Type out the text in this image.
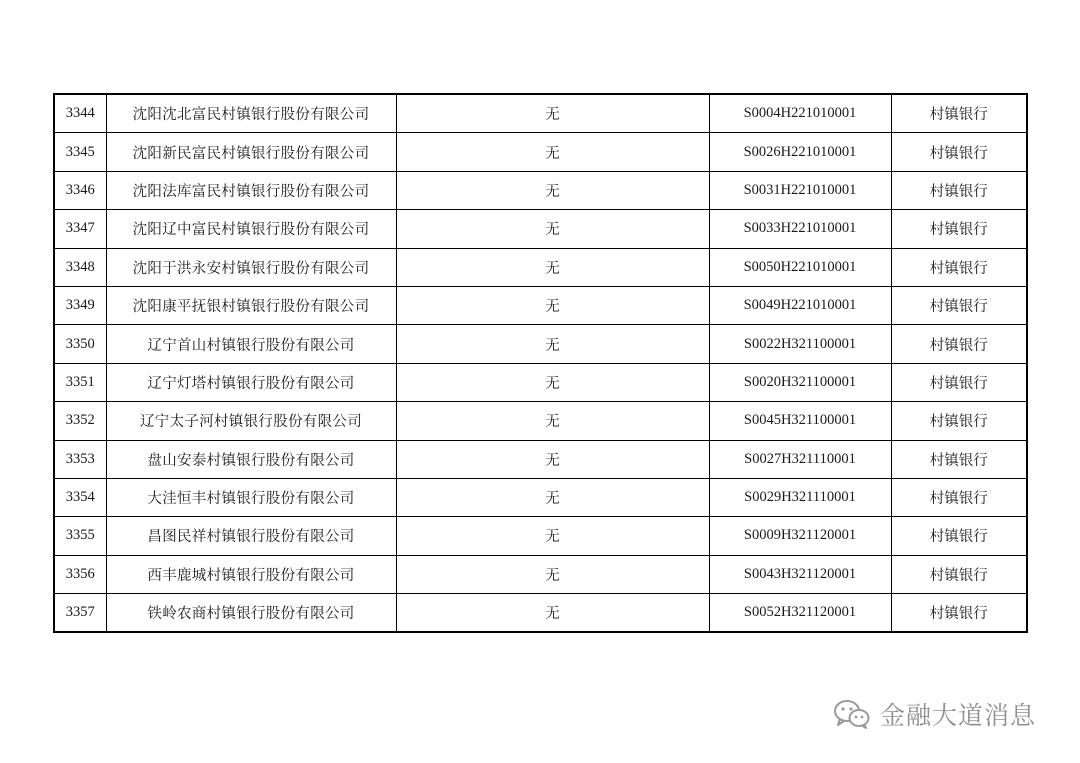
3344	沈阳沈北富民村镇银行股份有限公司	无	S0004H221010001	村镇银行
3345	沈阳新民富民村镇银行股份有限公司	无	S0026H221010001	村镇银行
3346	沈阳法库富民村镇银行股份有限公司	无	S0031H221010001	村镇银行
3347	沈阳辽中富民村镇银行股份有限公司	无	S0033H221010001	村镇银行
3348	沈阳于洪永安村镇银行股份有限公司	无	S0050H221010001	村镇银行
3349	沈阳康平抚银村镇银行股份有限公司	无	S0049H221010001	村镇银行
3350	辽宁首山村镇银行股份有限公司	无	S0022H321100001	村镇银行
3351	辽宁灯塔村镇银行股份有限公司	无	S0020H321100001	村镇银行
3352	辽宁太子河村镇银行股份有限公司	无	S0045H321100001	村镇银行
3353	盘山安泰村镇银行股份有限公司	无	S0027H321110001	村镇银行
3354	大洼恒丰村镇银行股份有限公司	无	S0029H321110001	村镇银行
3355	昌图民祥村镇银行股份有限公司	无	S0009H321120001	村镇银行
3356	西丰鹿城村镇银行股份有限公司	无	S0043H321120001	村镇银行
3357	铁岭农商村镇银行股份有限公司	无	S0052H321120001	村镇银行
金融大道消息
